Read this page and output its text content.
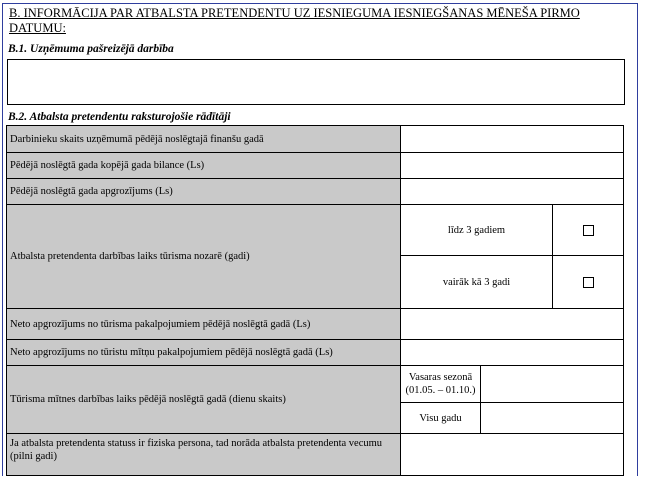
B. INFORMĀCIJA PAR ATBALSTA PRETENDENTU UZ IESNIEGUMA IESNIEGŠANAS MĒNEŠA PIRMO DATUMU:
B.1. Uzņēmuma pašreizējā darbība
B.2. Atbalsta pretendentu raksturojošie rādītāji
Darbinieku skaits uzņēmumā pēdējā noslēgtajā finanšu gadā
Pēdējā noslēgtā gada kopējā gada bilance (Ls)
Pēdējā noslēgtā gada apgrozījums (Ls)
Atbalsta pretendenta darbības laiks tūrisma nozarē (gadi)
līdz 3 gadiem
vairāk kā 3 gadi
Neto apgrozījums no tūrisma pakalpojumiem pēdējā noslēgtā gadā (Ls)
Neto apgrozījums no tūristu mītņu pakalpojumiem pēdējā noslēgtā gadā (Ls)
Tūrisma mītnes darbības laiks pēdējā noslēgtā gadā (dienu skaits)
Vasaras sezonā
(01.05. – 01.10.)
Visu gadu
Ja atbalsta pretendenta statuss ir fiziska persona, tad norāda atbalsta pretendenta vecumu (pilni gadi)
